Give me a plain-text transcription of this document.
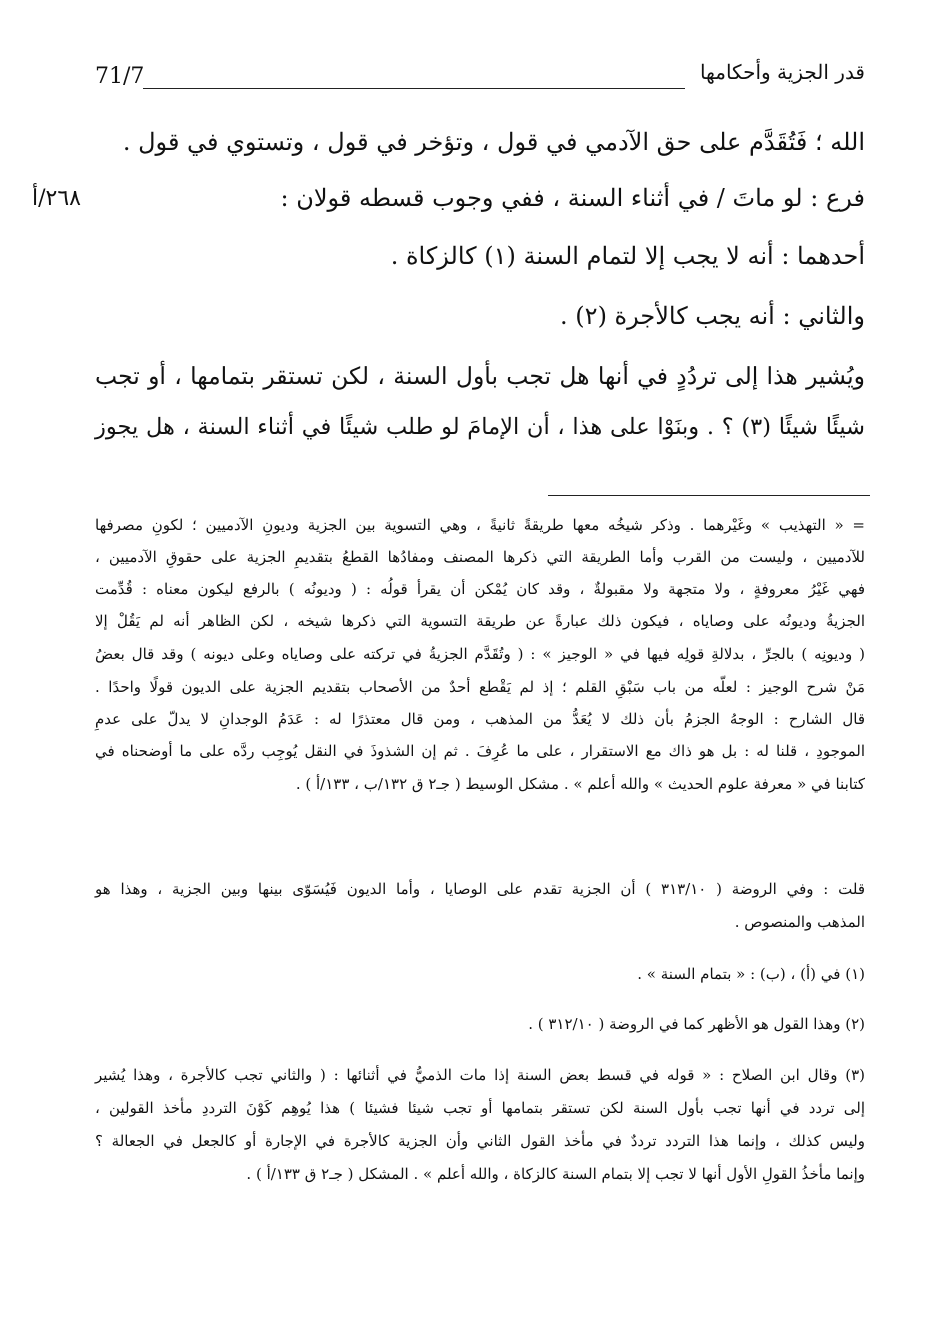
قدر الجزية وأحكامها
71/7
٢٦٨/أ
الله ؛ فَتُقَدَّم على حق الآدمي في قول ، وتؤخر في قول ، وتستوي في قول .
فرع : لو ماتَ / في أثناء السنة ، ففي وجوب قسطه قولان :
أحدهما : أنه لا يجب إلا لتمام السنة (١) كالزكاة .
والثاني : أنه يجب كالأجرة (٢) .
ويُشير هذا إلى تردُدٍ في أنها هل تجب بأول السنة ، لكن تستقر بتمامها ، أو تجب
شيئًا شيئًا (٣) ؟ . وبنَوْا على هذا ، أن الإمامَ لو طلب شيئًا في أثناء السنة ، هل يجوز
= « التهذيب » وغَيْرهما . وذكر شيخُه معها طريقةً ثانيةً ، وهي التسوية بين الجزية وديونِ الآدميين ؛ لكونِ مصرفها
للآدميين ، وليست من القرب وأما الطريقة التي ذكرها المصنف ومفادُها القطعُ بتقديمِ الجزية على حقوقِ الآدميين ،
فهي غَيْرُ معروفةٍ ، ولا متجهة ولا مقبولةٌ ، وقد كان يُمْكن أن يقرأ قولُه : ( وديونُه ) بالرفع ليكون معناه : قُدِّمت
الجزيةُ وديونُه على وصاياه ، فيكون ذلك عبارةً عن طريقة التسوية التي ذكرها شيخه ، لكن الظاهر أنه لم يَقُلْ إلا
( وديونِه ) بالجرِّ ، بدلالةِ قولِه فيها في « الوجيز » : ( وتُقَدَّم الجزيةُ في تركته على وصاياه وعلى ديونه ) وقد قال بعضُ
مَنْ شرح الوجيز : لعلّه من باب سَبْقِ القلم ؛ إذ لم يَقْطع أحدٌ من الأصحاب بتقديم الجزية على الديون قولًا واحدًا .
قال الشارح : الوجهُ الجزمُ بأن ذلك لا يُعَدُّ من المذهب ، ومن قال معتذرًا له : عَدَمُ الوجدانِ لا يدلّ على عدمِ
الموجودِ ، قلنا له : بل هو ذاك مع الاستقرار ، على ما عُرِفَ . ثم إن الشذوذَ في النقل يُوجِب ردَّه على ما أوضحناه في
كتابنا في « معرفة علوم الحديث » والله أعلم » . مشكل الوسيط ( جـ٢ ق ١٣٢/ب ، ١٣٣/أ ) .
قلت : وفي الروضة ( ٣١٣/١٠ ) أن الجزية تقدم على الوصايا ، وأما الديون فَيُسَوّى بينها وبين الجزية ، وهذا هو
المذهب والمنصوص .
(١) في (أ) ، (ب) : « بتمام السنة » .
(٢) وهذا القول هو الأظهر كما في الروضة ( ٣١٢/١٠ ) .
(٣) وقال ابن الصلاح : « قوله في قسط بعض السنة إذا مات الذميُّ في أثنائها : ( والثاني تجب كالأجرة ، وهذا يُشير
إلى تردد في أنها تجب بأول السنة لكن تستقر بتمامها أو تجب شيئا فشيئا ) هذا يُوهِم كَوْنَ الترددِ مأخذ القولين ،
وليس كذلك ، وإنما هذا التردد ترددٌ في مأخذ القول الثاني وأن الجزية كالأجرة في الإجارة أو كالجعل في الجعالة ؟
وإنما مأخذُ القولِ الأول أنها لا تجب إلا بتمام السنة كالزكاة ، والله أعلم » . المشكل ( جـ٢ ق ١٣٣/أ ) .
